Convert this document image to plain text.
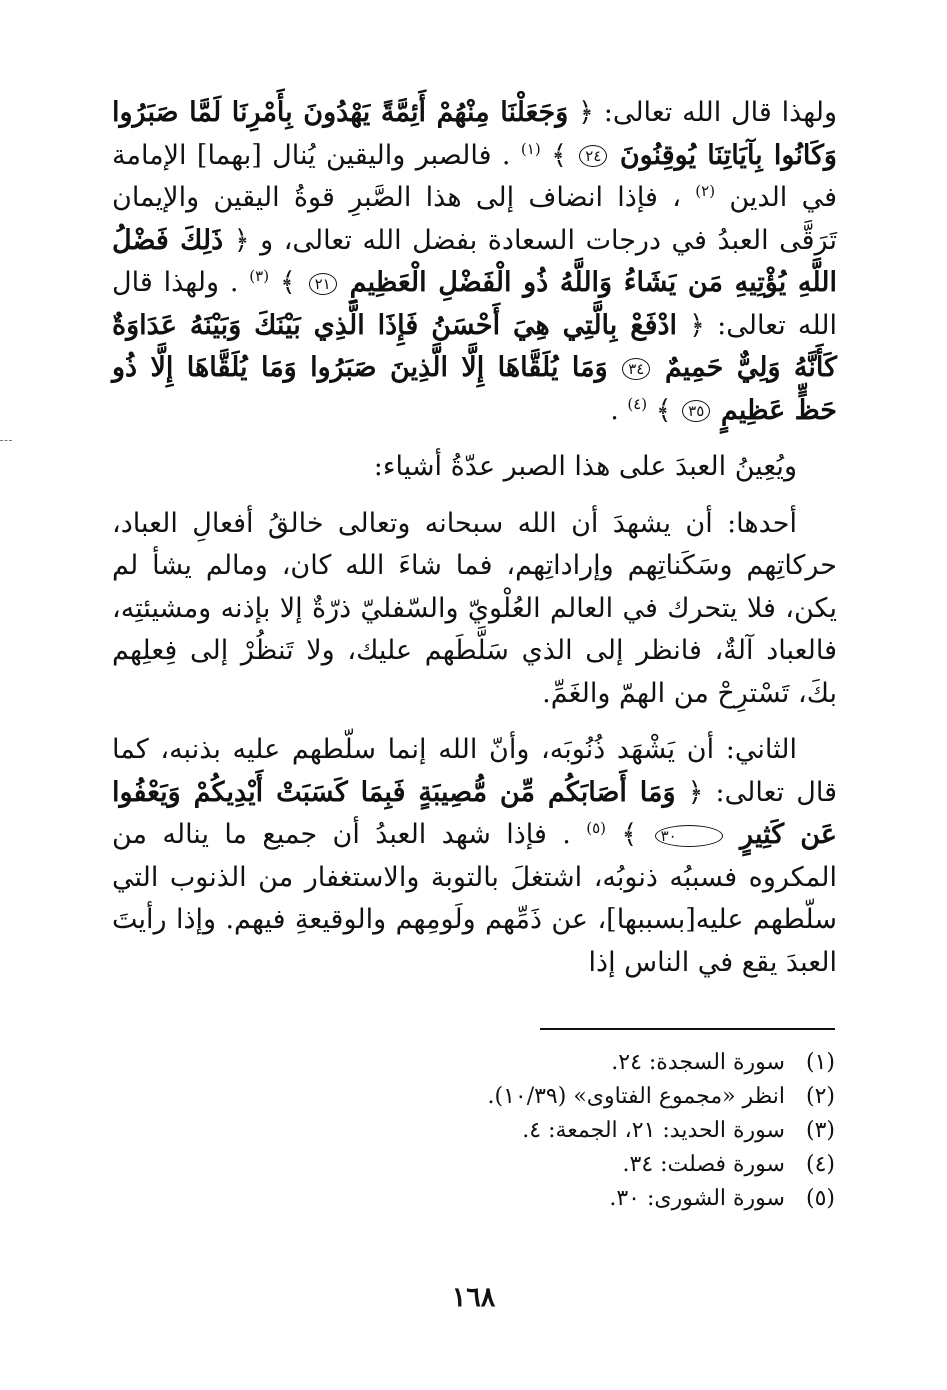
ولهذا قال الله تعالى: ﴿ وَجَعَلْنَا مِنْهُمْ أَئِمَّةً يَهْدُونَ بِأَمْرِنَا لَمَّا صَبَرُوا وَكَانُوا بِآيَاتِنَا يُوقِنُونَ ٢٤ ﴾ $^{(١)}$ . فالصبر واليقين يُنال [بهما] الإمامة في الدين $^{(٢)}$ ، فإذا انضاف إلى هذا الصَّبرِ قوةُ اليقين والإيمان تَرَقَّى العبدُ في درجات السعادة بفضل الله تعالى، و ﴿ ذَلِكَ فَضْلُ اللَّهِ يُؤْتِيهِ مَن يَشَاءُ وَاللَّهُ ذُو الْفَضْلِ الْعَظِيمِ ٢١ ﴾ $^{(٣)}$ . ولهذا قال الله تعالى: ﴿ ادْفَعْ بِالَّتِي هِيَ أَحْسَنُ فَإِذَا الَّذِي بَيْنَكَ وَبَيْنَهُ عَدَاوَةٌ كَأَنَّهُ وَلِيٌّ حَمِيمٌ ٣٤ وَمَا يُلَقَّاهَا إِلَّا الَّذِينَ صَبَرُوا وَمَا يُلَقَّاهَا إِلَّا ذُو حَظٍّ عَظِيمٍ ٣٥ ﴾ $^{(٤)}$ .

ويُعِينُ العبدَ على هذا الصبر عدّةُ أشياء:

أحدها: أن يشهدَ أن الله سبحانه وتعالى خالقُ أفعالِ العباد، حركاتِهم وسَكَناتِهم وإراداتِهم، فما شاءَ الله كان، ومالم يشأ لم يكن، فلا يتحرك في العالم العُلْويّ والسّفليّ ذرّةٌ إلا بإذنه ومشيئتِه، فالعباد آلةٌ، فانظر إلى الذي سَلَّطَهم عليك، ولا تَنظُرْ إلى فِعلِهم بكَ، تَسْترِحْ من الهمّ والغَمِّ.

الثاني: أن يَشْهَد ذُنُوبَه، وأنّ الله إنما سلّطهم عليه بذنبه، كما قال تعالى: ﴿ وَمَا أَصَابَكُم مِّن مُّصِيبَةٍ فَبِمَا كَسَبَتْ أَيْدِيكُمْ وَيَعْفُوا عَن كَثِيرٍ ٣٠ ﴾ $^{(٥)}$ . فإذا شهد العبدُ أن جميع ما يناله من المكروه فسببُه ذنوبُه، اشتغلَ بالتوبة والاستغفار من الذنوب التي سلّطهم عليه[بسببها]، عن ذَمِّهم ولَومِهم والوقيعةِ فيهم. وإذا رأيتَ العبدَ يقع في الناس إذا

(١) سورة السجدة: ٢٤.
(٢) انظر «مجموع الفتاوى» (١٠/٣٩).
(٣) سورة الحديد: ٢١، الجمعة: ٤.
(٤) سورة فصلت: ٣٤.
(٥) سورة الشورى: ٣٠.
١٦٨
